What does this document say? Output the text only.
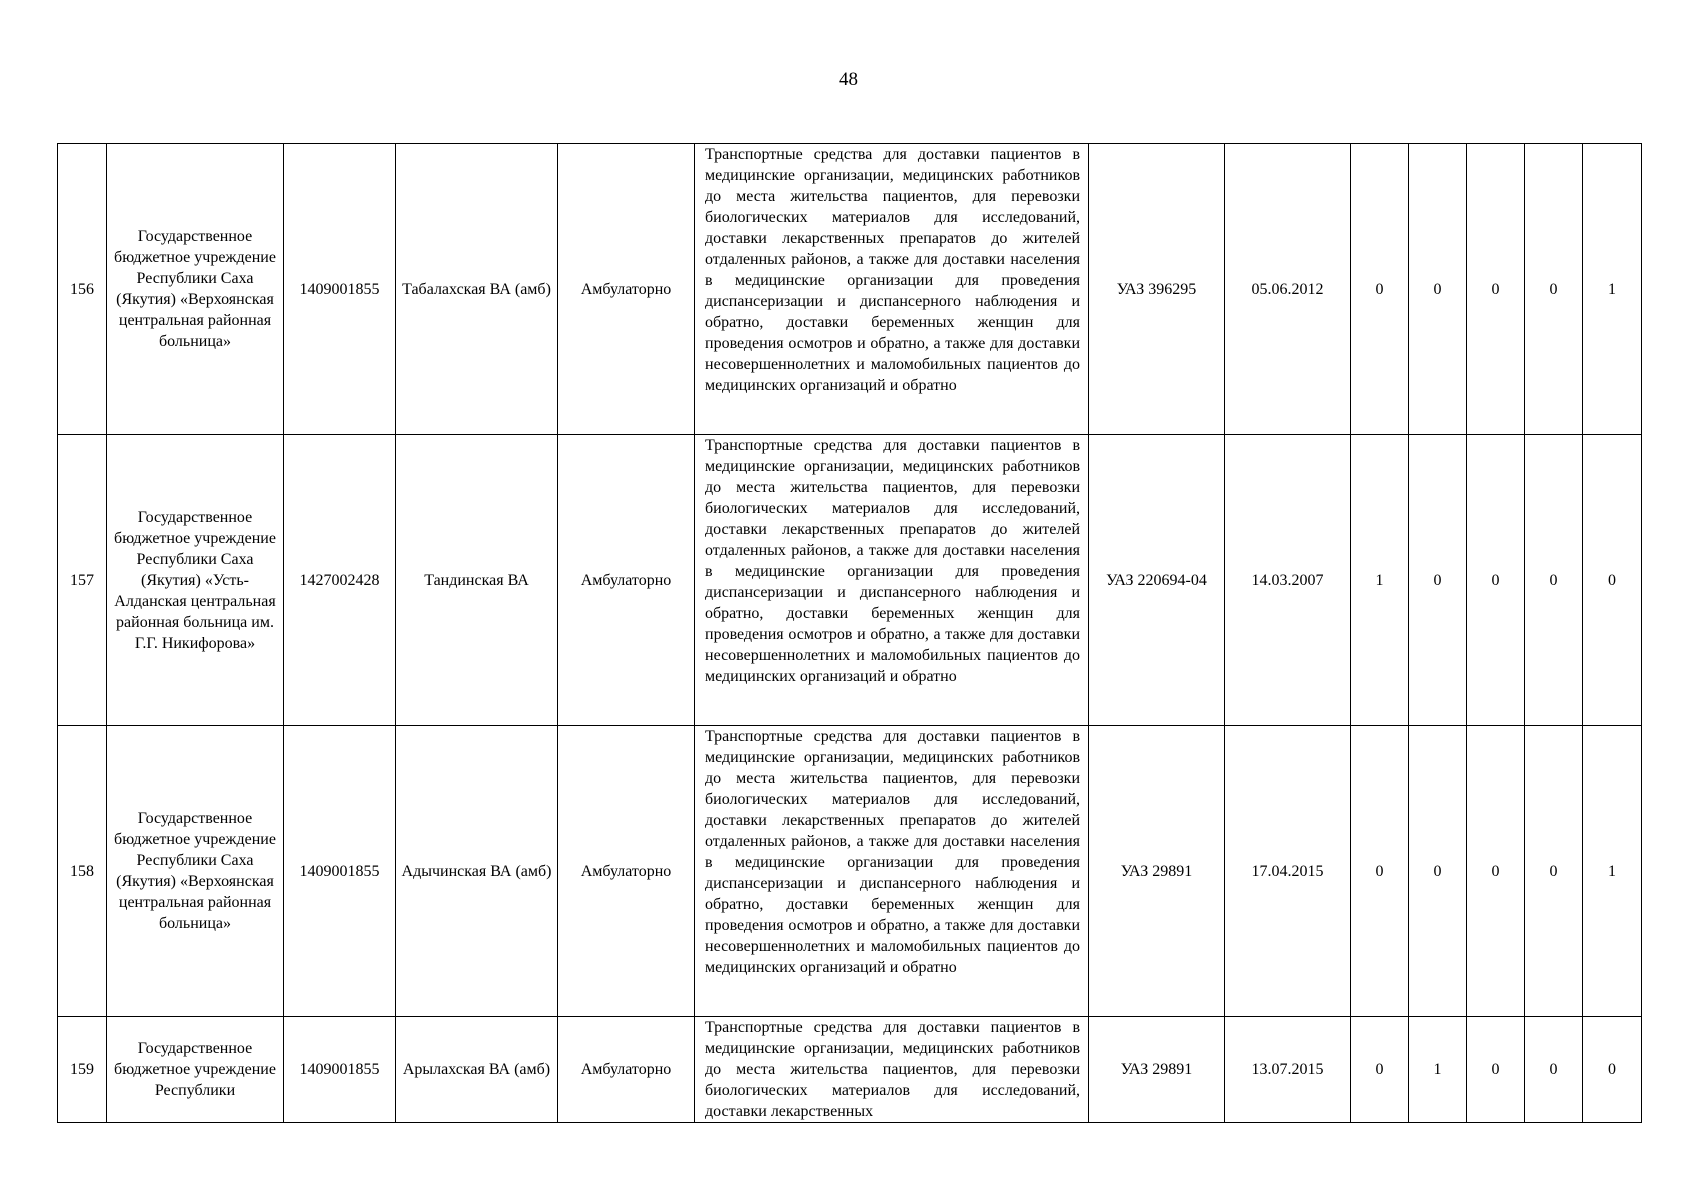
48
156	Государственное бюджетное учреждение Республики Саха (Якутия) «Верхоянская центральная районная больница»	1409001855	Табалахская ВА (амб)	Амбулаторно	Транспортные средства для доставки пациентов в медицинские организации, медицинских работников до места жительства пациентов, для перевозки биологических материалов для исследований, доставки лекарственных препаратов до жителей отдаленных районов, а также для доставки населения в медицинские организации для проведения диспансеризации и диспансерного наблюдения и обратно, доставки беременных женщин для проведения осмотров и обратно, а также для доставки несовершеннолетних и маломобильных пациентов до медицинских организаций и обратно	УАЗ 396295	05.06.2012	0	0	0	0	1
157	Государственное бюджетное учреждение Республики Саха (Якутия) «Усть-Алданская центральная районная больница им. Г.Г. Никифорова»	1427002428	Тандинская ВА	Амбулаторно	Транспортные средства для доставки пациентов в медицинские организации, медицинских работников до места жительства пациентов, для перевозки биологических материалов для исследований, доставки лекарственных препаратов до жителей отдаленных районов, а также для доставки населения в медицинские организации для проведения диспансеризации и диспансерного наблюдения и обратно, доставки беременных женщин для проведения осмотров и обратно, а также для доставки несовершеннолетних и маломобильных пациентов до медицинских организаций и обратно	УАЗ 220694-04	14.03.2007	1	0	0	0	0
158	Государственное бюджетное учреждение Республики Саха (Якутия) «Верхоянская центральная районная больница»	1409001855	Адычинская ВА (амб)	Амбулаторно	Транспортные средства для доставки пациентов в медицинские организации, медицинских работников до места жительства пациентов, для перевозки биологических материалов для исследований, доставки лекарственных препаратов до жителей отдаленных районов, а также для доставки населения в медицинские организации для проведения диспансеризации и диспансерного наблюдения и обратно, доставки беременных женщин для проведения осмотров и обратно, а также для доставки несовершеннолетних и маломобильных пациентов до медицинских организаций и обратно	УАЗ 29891	17.04.2015	0	0	0	0	1
159	Государственное бюджетное учреждение Республики	1409001855	Арылахская ВА (амб)	Амбулаторно	Транспортные средства для доставки пациентов в медицинские организации, медицинских работников до места жительства пациентов, для перевозки биологических материалов для исследований, доставки лекарственных	УАЗ 29891	13.07.2015	0	1	0	0	0
